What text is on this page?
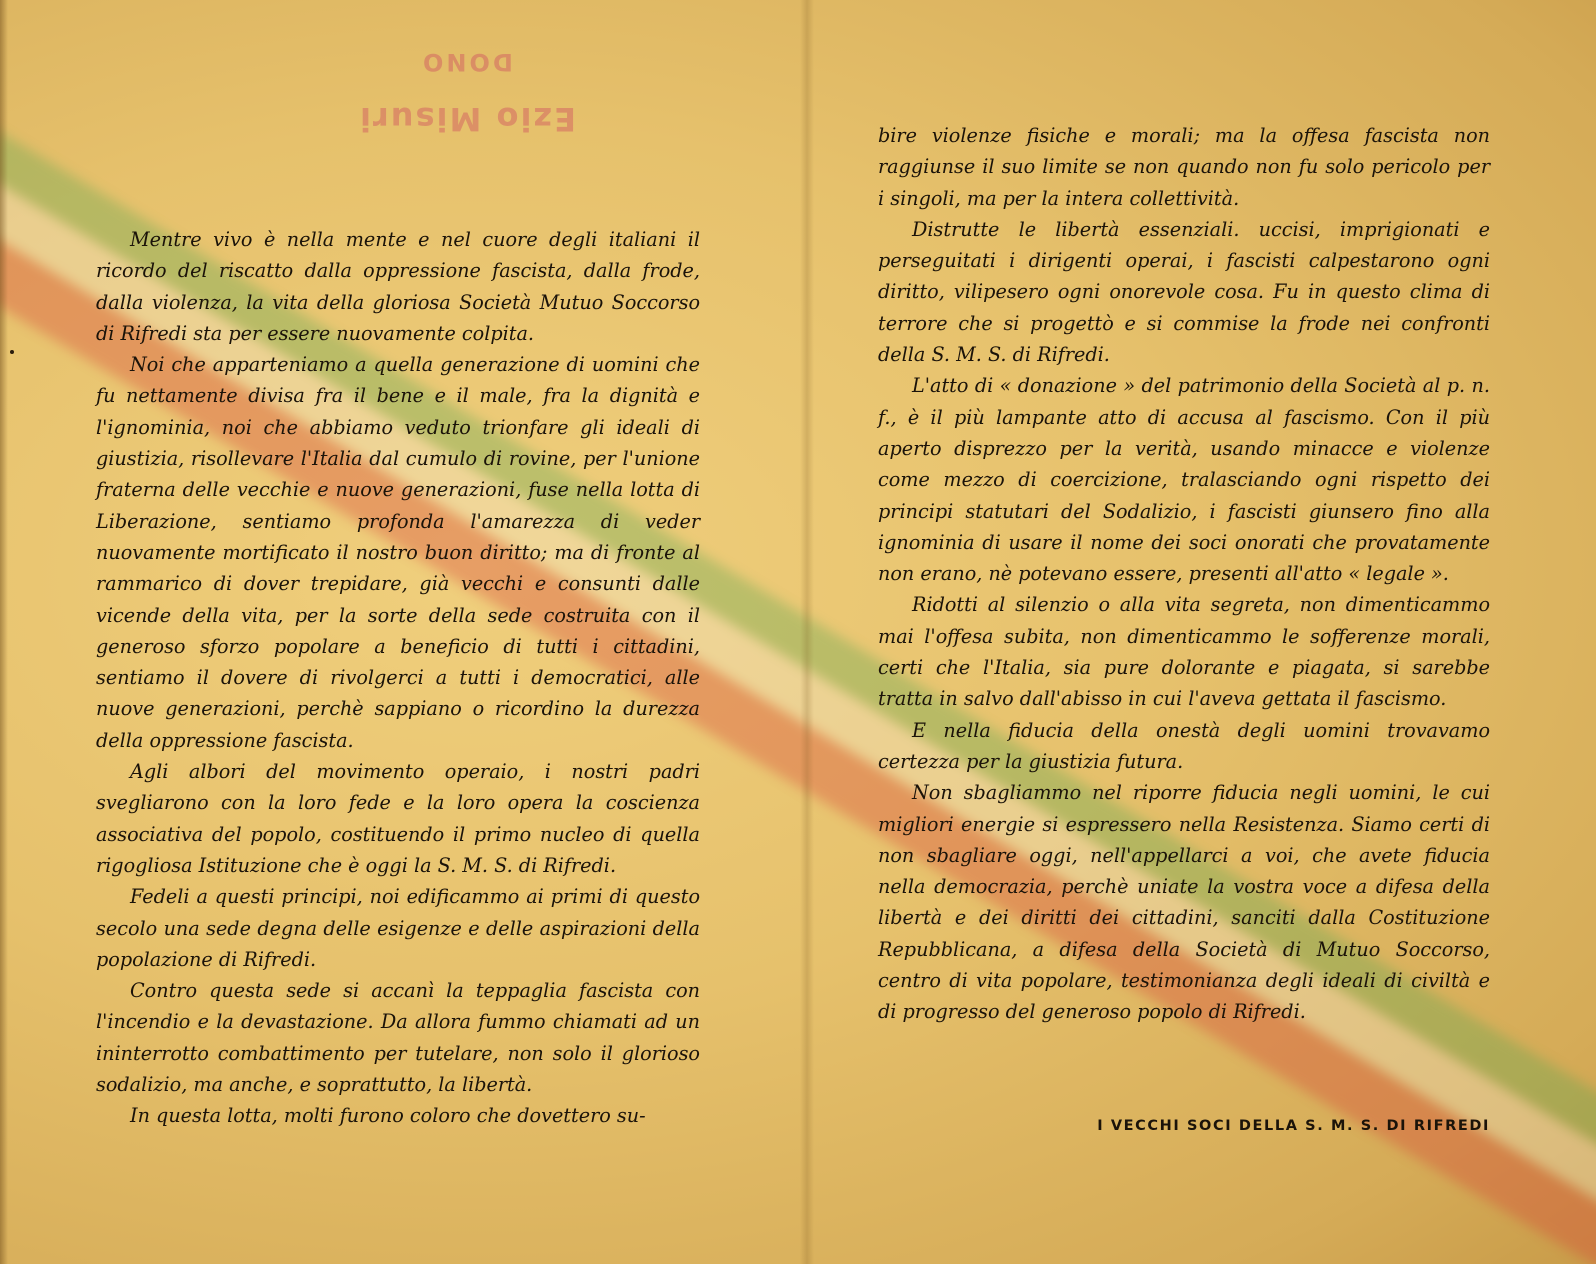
DONO
Ezio Misuri

Mentre vivo è nella mente e nel cuore degli italiani il ricordo del riscatto dalla oppressione fascista, dalla frode, dalla violenza, la vita della gloriosa Società Mutuo Soccorso di Rifredi sta per essere nuovamente colpita.

Noi che apparteniamo a quella generazione di uomini che fu nettamente divisa fra il bene e il male, fra la dignità e l'ignominia, noi che abbiamo veduto trionfare gli ideali di giustizia, risollevare l'Italia dal cumulo di rovine, per l'unione fraterna delle vecchie e nuove generazioni, fuse nella lotta di Liberazione, sentiamo profonda l'amarezza di veder nuovamente mortificato il nostro buon diritto; ma di fronte al rammarico di dover trepidare, già vecchi e consunti dalle vicende della vita, per la sorte della sede costruita con il generoso sforzo popolare a beneficio di tutti i cittadini, sentiamo il dovere di rivolgerci a tutti i democratici, alle nuove generazioni, perchè sappiano o ricordino la durezza della oppressione fascista.

Agli albori del movimento operaio, i nostri padri svegliarono con la loro fede e la loro opera la coscienza associativa del popolo, costituendo il primo nucleo di quella rigogliosa Istituzione che è oggi la S. M. S. di Rifredi.

Fedeli a questi principi, noi edificammo ai primi di questo secolo una sede degna delle esigenze e delle aspirazioni della popolazione di Rifredi.

Contro questa sede si accanì la teppaglia fascista con l'incendio e la devastazione. Da allora fummo chiamati ad un ininterrotto combattimento per tutelare, non solo il glorioso sodalizio, ma anche, e soprattutto, la libertà.

In questa lotta, molti furono coloro che dovettero su-

bire violenze fisiche e morali; ma la offesa fascista non raggiunse il suo limite se non quando non fu solo pericolo per i singoli, ma per la intera collettività.

Distrutte le libertà essenziali. uccisi, imprigionati e perseguitati i dirigenti operai, i fascisti calpestarono ogni diritto, vilipesero ogni onorevole cosa. Fu in questo clima di terrore che si progettò e si commise la frode nei confronti della S. M. S. di Rifredi.

L'atto di « donazione » del patrimonio della Società al p. n. f., è il più lampante atto di accusa al fascismo. Con il più aperto disprezzo per la verità, usando minacce e violenze come mezzo di coercizione, tralasciando ogni rispetto dei principi statutari del Sodalizio, i fascisti giunsero fino alla ignominia di usare il nome dei soci onorati che provatamente non erano, nè potevano essere, presenti all'atto « legale ».

Ridotti al silenzio o alla vita segreta, non dimenticammo mai l'offesa subita, non dimenticammo le sofferenze morali, certi che l'Italia, sia pure dolorante e piagata, si sarebbe tratta in salvo dall'abisso in cui l'aveva gettata il fascismo.

E nella fiducia della onestà degli uomini trovavamo certezza per la giustizia futura.

Non sbagliammo nel riporre fiducia negli uomini, le cui migliori energie si espressero nella Resistenza. Siamo certi di non sbagliare oggi, nell'appellarci a voi, che avete fiducia nella democrazia, perchè uniate la vostra voce a difesa della libertà e dei diritti dei cittadini, sanciti dalla Costituzione Repubblicana, a difesa della Società di Mutuo Soccorso, centro di vita popolare, testimonianza degli ideali di civiltà e di progresso del generoso popolo di Rifredi.

I VECCHI SOCI DELLA S. M. S. DI RIFREDI
